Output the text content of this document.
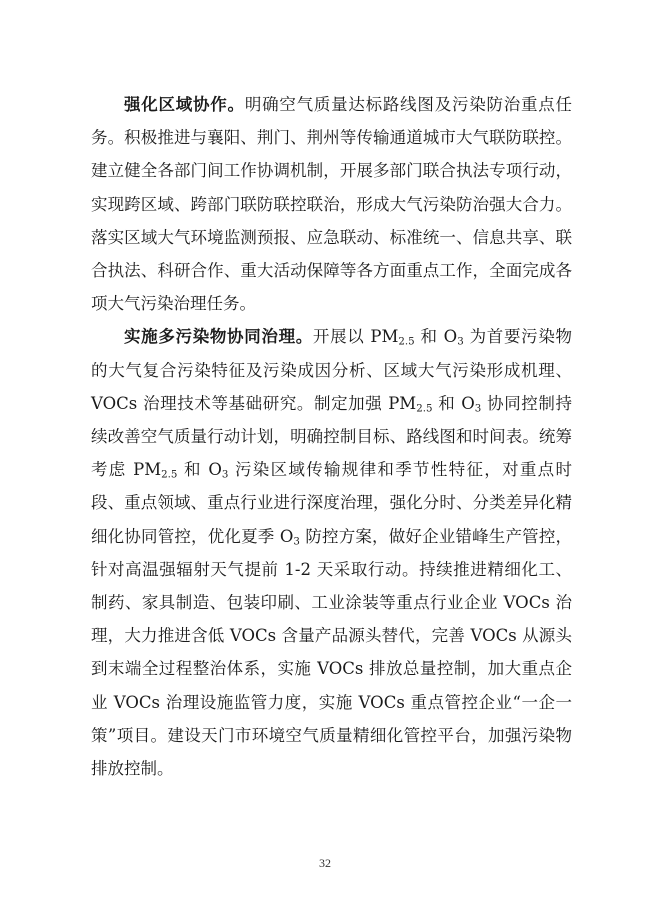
强化区域协作。明确空气质量达标路线图及污染防治重点任务。积极推进与襄阳、荆门、荆州等传输通道城市大气联防联控。建立健全各部门间工作协调机制，开展多部门联合执法专项行动，实现跨区域、跨部门联防联控联治，形成大气污染防治强大合力。落实区域大气环境监测预报、应急联动、标准统一、信息共享、联合执法、科研合作、重大活动保障等各方面重点工作，全面完成各项大气污染治理任务。

实施多污染物协同治理。开展以 $PM_{2.5}$ 和 $O_3$ 为首要污染物的大气复合污染特征及污染成因分析、区域大气污染形成机理、VOCs 治理技术等基础研究。制定加强 $PM_{2.5}$ 和 $O_3$ 协同控制持续改善空气质量行动计划，明确控制目标、路线图和时间表。统筹考虑 $PM_{2.5}$ 和 $O_3$ 污染区域传输规律和季节性特征，对重点时段、重点领域、重点行业进行深度治理，强化分时、分类差异化精细化协同管控，优化夏季 $O_3$ 防控方案，做好企业错峰生产管控，针对高温强辐射天气提前 1-2 天采取行动。持续推进精细化工、制药、家具制造、包装印刷、工业涂装等重点行业企业 VOCs 治理，大力推进含低 VOCs 含量产品源头替代，完善 VOCs 从源头到末端全过程整治体系，实施 VOCs 排放总量控制，加大重点企业 VOCs 治理设施监管力度，实施 VOCs 重点管控企业“一企一策”项目。建设天门市环境空气质量精细化管控平台，加强污染物排放控制。

32
